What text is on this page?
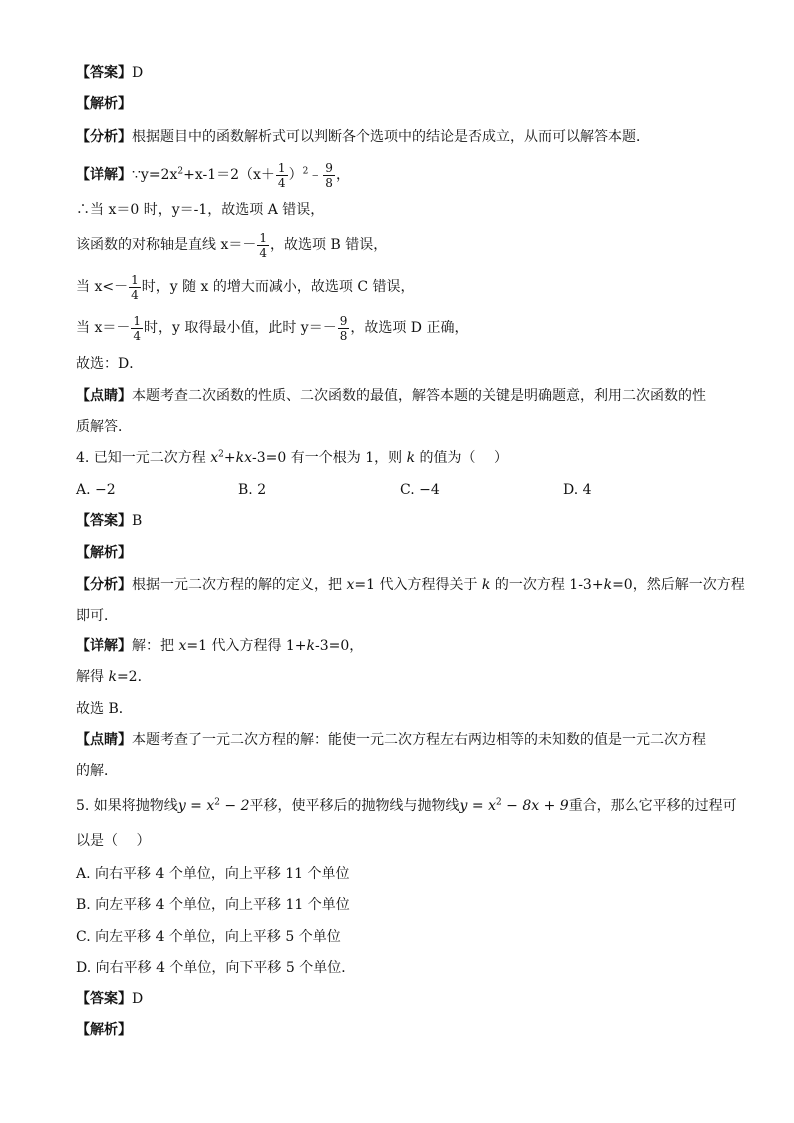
【答案】D
【解析】
【分析】根据题目中的函数解析式可以判断各个选项中的结论是否成立，从而可以解答本题．
【详解】$\because y=2x^2+x-1=2(x+ \frac{1}{4}$ ）$^2$﹣ $\frac{9}{8}$ ，
∴当 x＝0 时，y＝-1，故选项 A 错误，
该函数的对称轴是直线 $x=- \frac{1}{4}$ ，故选项 B 错误，
当 $x<- \frac{1}{4}$ 时，y 随 x 的增大而减小，故选项 C 错误，
当 $x=- \frac{1}{4}$ 时，y 取得最小值，此时 $y=- \frac{9}{8}$ ，故选项 D 正确，
故选：D．
【点睛】本题考查二次函数的性质、二次函数的最值，解答本题的关键是明确题意，利用二次函数的性
质解答．
4. 已知一元二次方程 $x^2+kx-3=0$ 有一个根为 1，则 k 的值为（　 ）
A. −2	B. 2	C. −4	D. 4
【答案】B
【解析】
【分析】根据一元二次方程的解的定义，把 x=1 代入方程得关于 k 的一次方程 1-3+k=0，然后解一次方程
即可．
【详解】解：把 x=1 代入方程得 1+k-3=0，
解得 k=2．
故选 B．
【点睛】本题考查了一元二次方程的解：能使一元二次方程左右两边相等的未知数的值是一元二次方程
的解．
5. 如果将抛物线$y = x^2 - 2$平移，使平移后的抛物线与抛物线$y = x^2 - 8x + 9$重合，那么它平移的过程可
以是（　 ）
A. 向右平移 4 个单位，向上平移 11 个单位
B. 向左平移 4 个单位，向上平移 11 个单位
C. 向左平移 4 个单位，向上平移 5 个单位
D. 向右平移 4 个单位，向下平移 5 个单位．
【答案】D
【解析】
